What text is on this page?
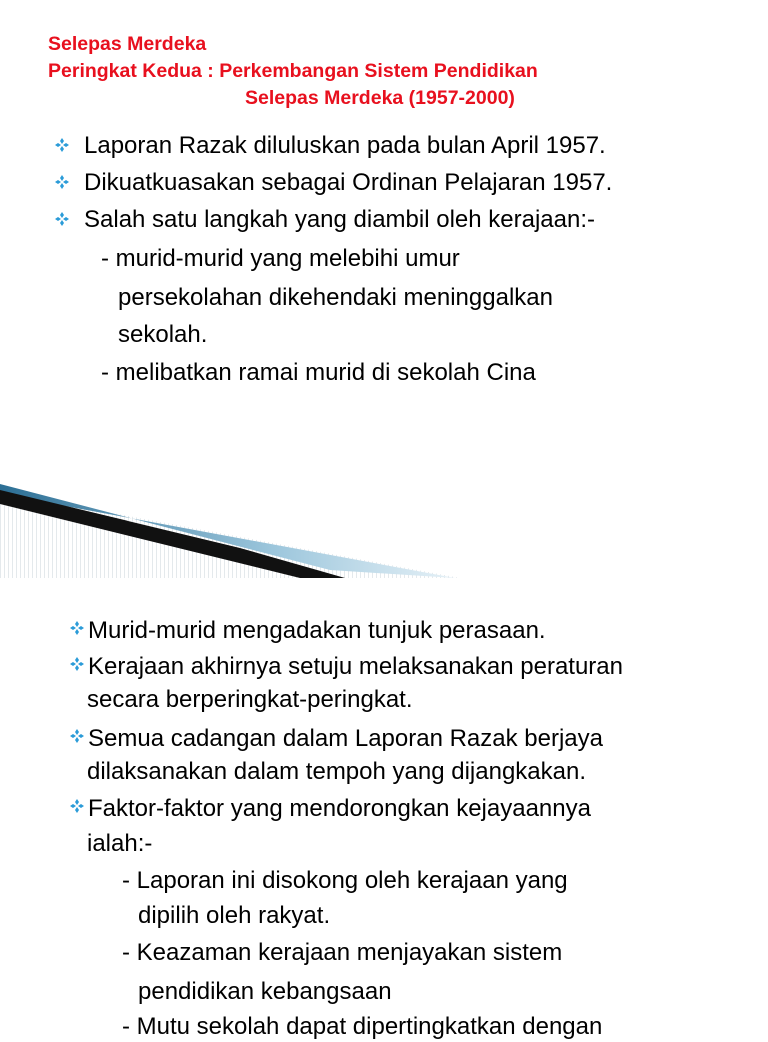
Selepas Merdeka
Peringkat Kedua : Perkembangan Sistem Pendidikan
Selepas Merdeka (1957-2000)
Laporan Razak diluluskan pada bulan April 1957.
Dikuatkuasakan sebagai Ordinan Pelajaran 1957.
Salah satu langkah yang diambil oleh kerajaan:-
- murid-murid yang melebihi umur
persekolahan dikehendaki meninggalkan
sekolah.
- melibatkan ramai murid di sekolah Cina
Murid-murid mengadakan tunjuk perasaan.
Kerajaan akhirnya setuju melaksanakan peraturan
secara berperingkat-peringkat.
Semua cadangan dalam Laporan Razak berjaya
dilaksanakan dalam tempoh yang dijangkakan.
Faktor-faktor yang mendorongkan kejayaannya
ialah:-
- Laporan ini disokong oleh kerajaan yang
dipilih oleh rakyat.
- Keazaman kerajaan menjayakan sistem
pendidikan kebangsaan
- Mutu sekolah dapat dipertingkatkan dengan
